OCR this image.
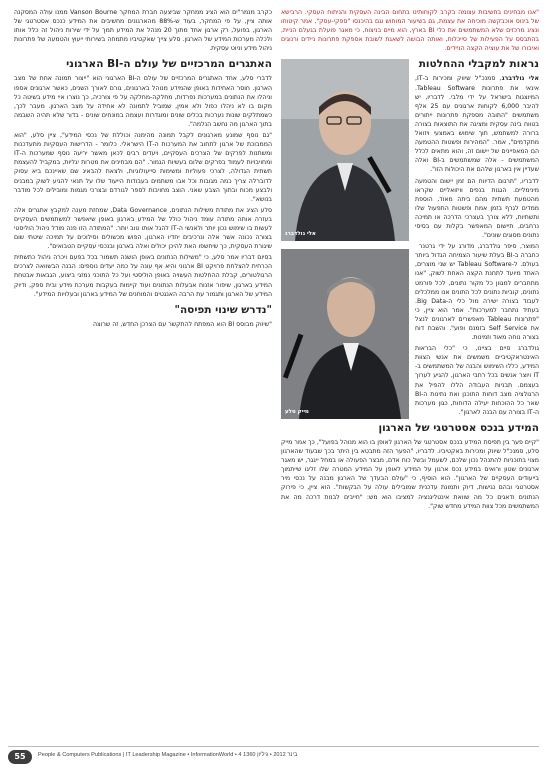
"אנו מבחינים בחשיבות עצומה בקרב לקוחותינו בתחום הבינה העסקית והניתוח העסקי. הרבישא של בינוס אוכבקשה מוכיחה את עצמת, גם בשיעור המוחוש וגם בהיכנסו "ספקי-עסק", אמר קיטוחו ונציג מרכזים שלא המשתמשים את כלי BI בארץ, הוא מיים בניצוח, כי מאגר פועלת בגעלם הניית, בהתבסס על הפעילות של סייכלות, ואותה הבושה לשאגת לשובת אספקת פתרונות ניידים ורנוגים ואיבורו של את עוציה הקצה הניידים.

אלי גולדברג
נראות למקבלי ההחלטות

אלי גולדברג, סמנכ"ל שיווק ומכירות ב-IT, אינאי את פתרונות Tableau Software. המיוצגות בישראל על ידי מלבי. לדבריו, יש להיבר 6,000 לקוחות ארגונים עם 25 אלף משתמשים "התובה מספקת פתרונות ייתורים בטווח בינה עסקית ומציגה את התוצאות בצורה ברורה למשתמש, תוך שימוש באמצעי ויזואל מתקדמים", אמר. "המהירות ופשטות ההטמעה הם המאפיינים של יישום זה, והוא מתאים לכלל המשתמשים - אלה שמשתמשים ב-BI ואלה שעדיין אין בארגון שלהם את היכולות הזו".

לדבריו, "תרגום הדיווח הם זמן יישום והטמעה מינימליים. הגגות בנפים וויזואליים שקראו מהטמעת תשתית מהם ביתה מאוד, הוספת ממדים לגרף בזמן אמת ופשטות התפעול שלו ותשתיות, ללא צורך בעצרכי הדרכה או תמיכה נרחבים, תיישום המאפשר בקלות עם בסיסי נתונים מסוגים שונים".

מייק סלע

המוצר, סיפר גולדברג, מדורג על ידי גרטנר כחברה ב-BI בעלת שיעור הצמיחה הגדול ביותר בעולם. ל-Tableau Software יש שני מוצרים, האחד מיועד לתחנת הקצה האחת לשוק, "אנו מתחברים למגוון כל מקור נתונים, לכל פורמט נתונים, קוביות נתונים לכל התונים אנו ממלכלים לעבוד בצורה ישירה מול כלי ה-Big Data. בעתיד נתחבר למערכות". אמר הוא ציין, כי "פתרונות Tableau מאפשרים לארגונים לנצל את Self Service בזמנם ופוע". והשבת דוח בצורה נוחה מאוד וזמינות.

גולדברג סיים בציינו, כי "כלי הבראות האינטראקטיביים משמשים את אנשי הצוות המידע, כללו השימוש והבנה של המשתמשים ב-IT ויוצר אנשים בכל רחבי הארגון, להגיע לערוך בעצמם. תבניות העבודה הללו להפיל את הרגולציה מצב דוחות התוכנן ואת נתינות ה-BI שאר כל ההוכחות יעילה הדוחות, כגון מערכות ה-IT בצורה עם הבנה לארגון".

המידע בנכס אסטרטגי של הארגון

"קיים פער בין תפיסת המידע בנכס אסטרטגי של הארגון לאופן בו הוא מנוהל בפועל", כך אמר מייק סלע, סמנכ"ל שיווק ומכירות באקטיביו. לדבריו, "הפער הזה מתבטא בין היתר בכך שבעוד שהארגון מצוי בתוכניות להתנהל נכון שלכם, לשעמל ובשל כוח אדם, מבצר הפעולה או במחל ייגגר, יש מאגר ארגונים שטון ורואים במידע נכס ארגון על המידע לאופן על המידע המטרה שלו זליגו שייתמוך בייעודים העסקיים של הארגון". הוא הוסיף, כי "עולם הבעדך של הארגון מבנה על נכסי מיר אסטרטגי ובהם נגישות, דיוק ותמונת עדכנית שמובילים עולה על הבקשות". הוא ציין, כי פירוק הנתונים ודאגים כל מה שוואת אינטליגנציה למציבו הוא מש: "חייבים לבנות דרכה מה את המשתמשים מכל צוות המידע מחדש שוק".

כקרב מנמר"ים הוא הציג ממחקר שביצעה חברת המחקר Vanson Bourne ממנו עולה המסקנה אותה ציין, על פי המחקר, בעוד ש-88% מהארגונים מחשיבים את המידע כנכס אסטרטגי של הארגון, בפועל, רק ארגון אחד מתוך 20 מנהל את המידע תמך על ידי שירות ניהול זה כלל אותו ולכלה מערכות המידע של הארגון. סלע צייך שאקטיביו מתמחה בשירותי ייעוץ והטמעה של פתרונות ניהול מידע וניוט עסקית.

האתגרים המרכזיים של עולם ה-BI הארגוני

לדברי סלע, אחד האתגרים המרכזיים של עולם ה-BI הארגוני הוא "ייצור תמונה אחת של מצב הארגון. חוסר האחידות באופן שהמידע מנוהל בארגונים, גורם לאורך השנים, כאשר ארגונים אספו וניהלו את הנתונים במערכות נפרדות, מחלקה-מחלקה על פי צורכיה, כך נוצרו איי מידע בשיטה כל מקום בו לא ניהלו כפול ולא אמין, שמוביל לתמונה לא אחידה על מצב הארגון. מעבר לכך, כשמתלקים שונות נערכות בכלים שונים ומוגדרות ועצמה במונחים שונים - בדור שלא תהיה השבמה בתוך הארגון מה נחשב הנלמה".

"גם נוסף שמונע מארגונים לקבל תמונה מהימנה וכוללת של נכסי המידע", ציין סלע, "הוא הממבוכת של ארגון לתחוב את המערכות ה-IT הישראלי. כלומר - הדרישות העסקיות מתעדכנות ומשתנות לפרקים של הצרכים העסקיים, ויעדים רבים לכאן מאשר יריעה נוסף שמערכות ה-IT ומחויבויות לעמוד בפרקים שלום בעשיות הגמור. "הם מבחינים את מטרות יגליות, במקביל להעצמת תשתית הגדולה, לצרכי פעוליות ומשימות סייעולוגיות, ולצאת להבאיג שם שאיינכם ביא עסוק לדוברלה צריך כמה מגובות וכל אבו משתמים בעבודות הייעוד שלו על תנאי להגיע לשוק במבנים ולבצע מכוח ובתוך הצבע שאני. הוצב מחויבות לספר לגורדם ובצרכי מגמות ומובילים לכל מודבר בנושא".

סלע הציג את מתודת משילות הנתונים, Data Governance, שמחזת מענה למקבץ אתגרים אלה בעזרה אותה מתודה עומד ניהול כולל של המידע בארגון באופן שיאפשר למשתמשים העסקיים לעשות בו שימוש נכון יותר ולאנשי ה-IT להגל אותו טוב יותר. "המתודה הזו פנה מודל ניהול הוליסטי בצורה נכונה אשר אלה ונרכיבים יחדיו הארגון, הפוש מכשולים וסילוכים על תמיכה שיטתי שום שיגורת העסקית, כך שיחשפו האת להיכן יכולים ואלה בארגון ובנכסי עסקיים הטבואים".

בסיום דבריו אמר סלע, כי "משילות הנתונים באופן הושנה תשמור בכל בפעם ויכרה ניהול כתשתית הכרחית להצלחת פרויקט BI ארגוני והיא אף עונה על כמה יעדים נוספים: הבנה הבשוואה לצרכים הרגולטורים, קבלת ההחלטות העשויה באופן הוליסטי ועל כל התוכני נמזגי ביצוע, הגבאות אבטחת המידע בארגון, שיפור אזנוח אבעלות הנתונים ועוד קיימות בעקבות מערכת מידע ובית ספק, ודיוק המידע של הארגון ותגמור עת הרבה האנגטים והמוחנים של המידע בארגון ובעלויות המידע".

"נדרש שינוי תפיסה"

"שיווק מבוסס BI הוא המפתח להתקשר עם הצרכן החדש, זה שרוצה

55	People & Computers Publications | IT Leadership Magazine • InformationWorld • 4 בינר 2012 • גיליון 1360
